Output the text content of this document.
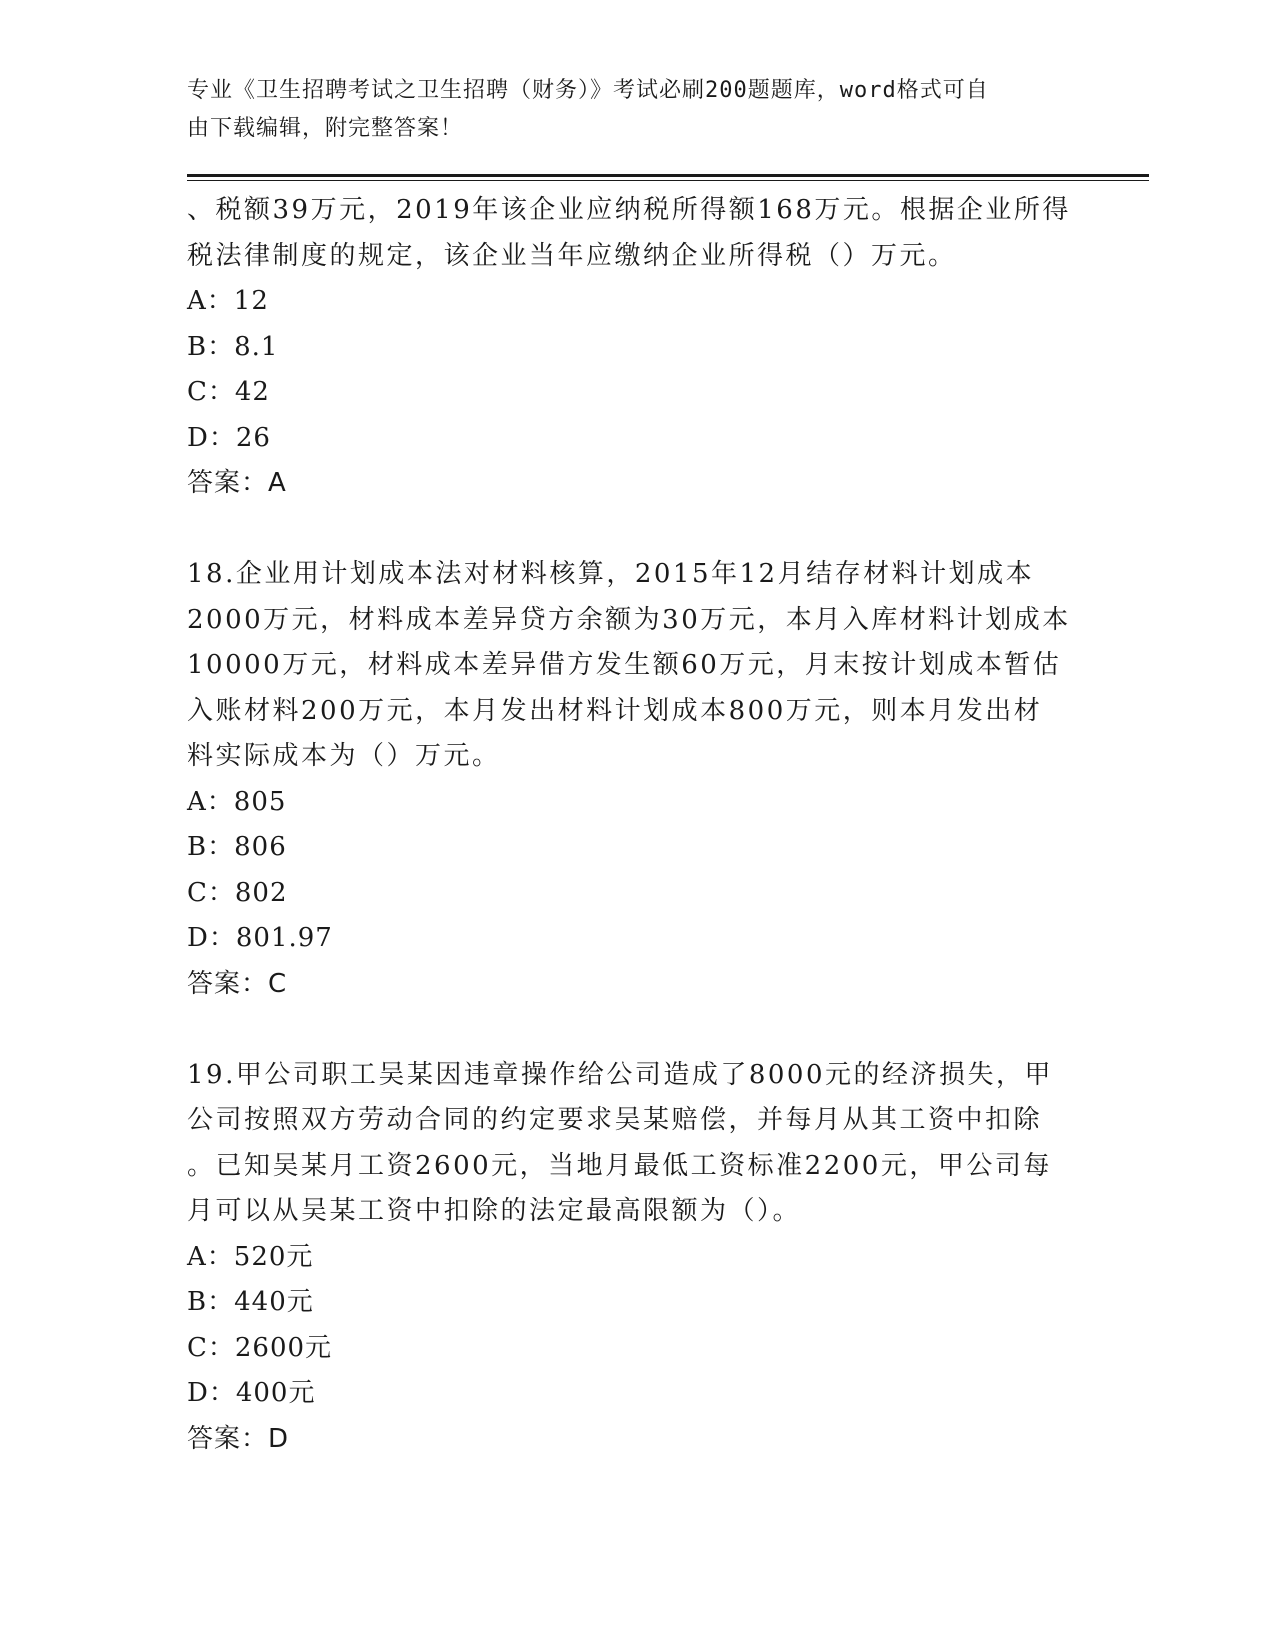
专业《卫生招聘考试之卫生招聘（财务）》考试必刷200题题库，word格式可自
由下载编辑，附完整答案！

、税额39万元，2019年该企业应纳税所得额168万元。根据企业所得

税法律制度的规定，该企业当年应缴纳企业所得税（）万元。

A：12

B：8.1

C：42

D：26

答案：A

18.企业用计划成本法对材料核算，2015年12月结存材料计划成本

2000万元，材料成本差异贷方余额为30万元，本月入库材料计划成本

10000万元，材料成本差异借方发生额60万元，月末按计划成本暂估

入账材料200万元，本月发出材料计划成本800万元，则本月发出材

料实际成本为（）万元。

A：805

B：806

C：802

D：801.97

答案：C

19.甲公司职工吴某因违章操作给公司造成了8000元的经济损失，甲

公司按照双方劳动合同的约定要求吴某赔偿，并每月从其工资中扣除

。已知吴某月工资2600元，当地月最低工资标准2200元，甲公司每

月可以从吴某工资中扣除的法定最高限额为（）。

A：520元

B：440元

C：2600元

D：400元

答案：D
